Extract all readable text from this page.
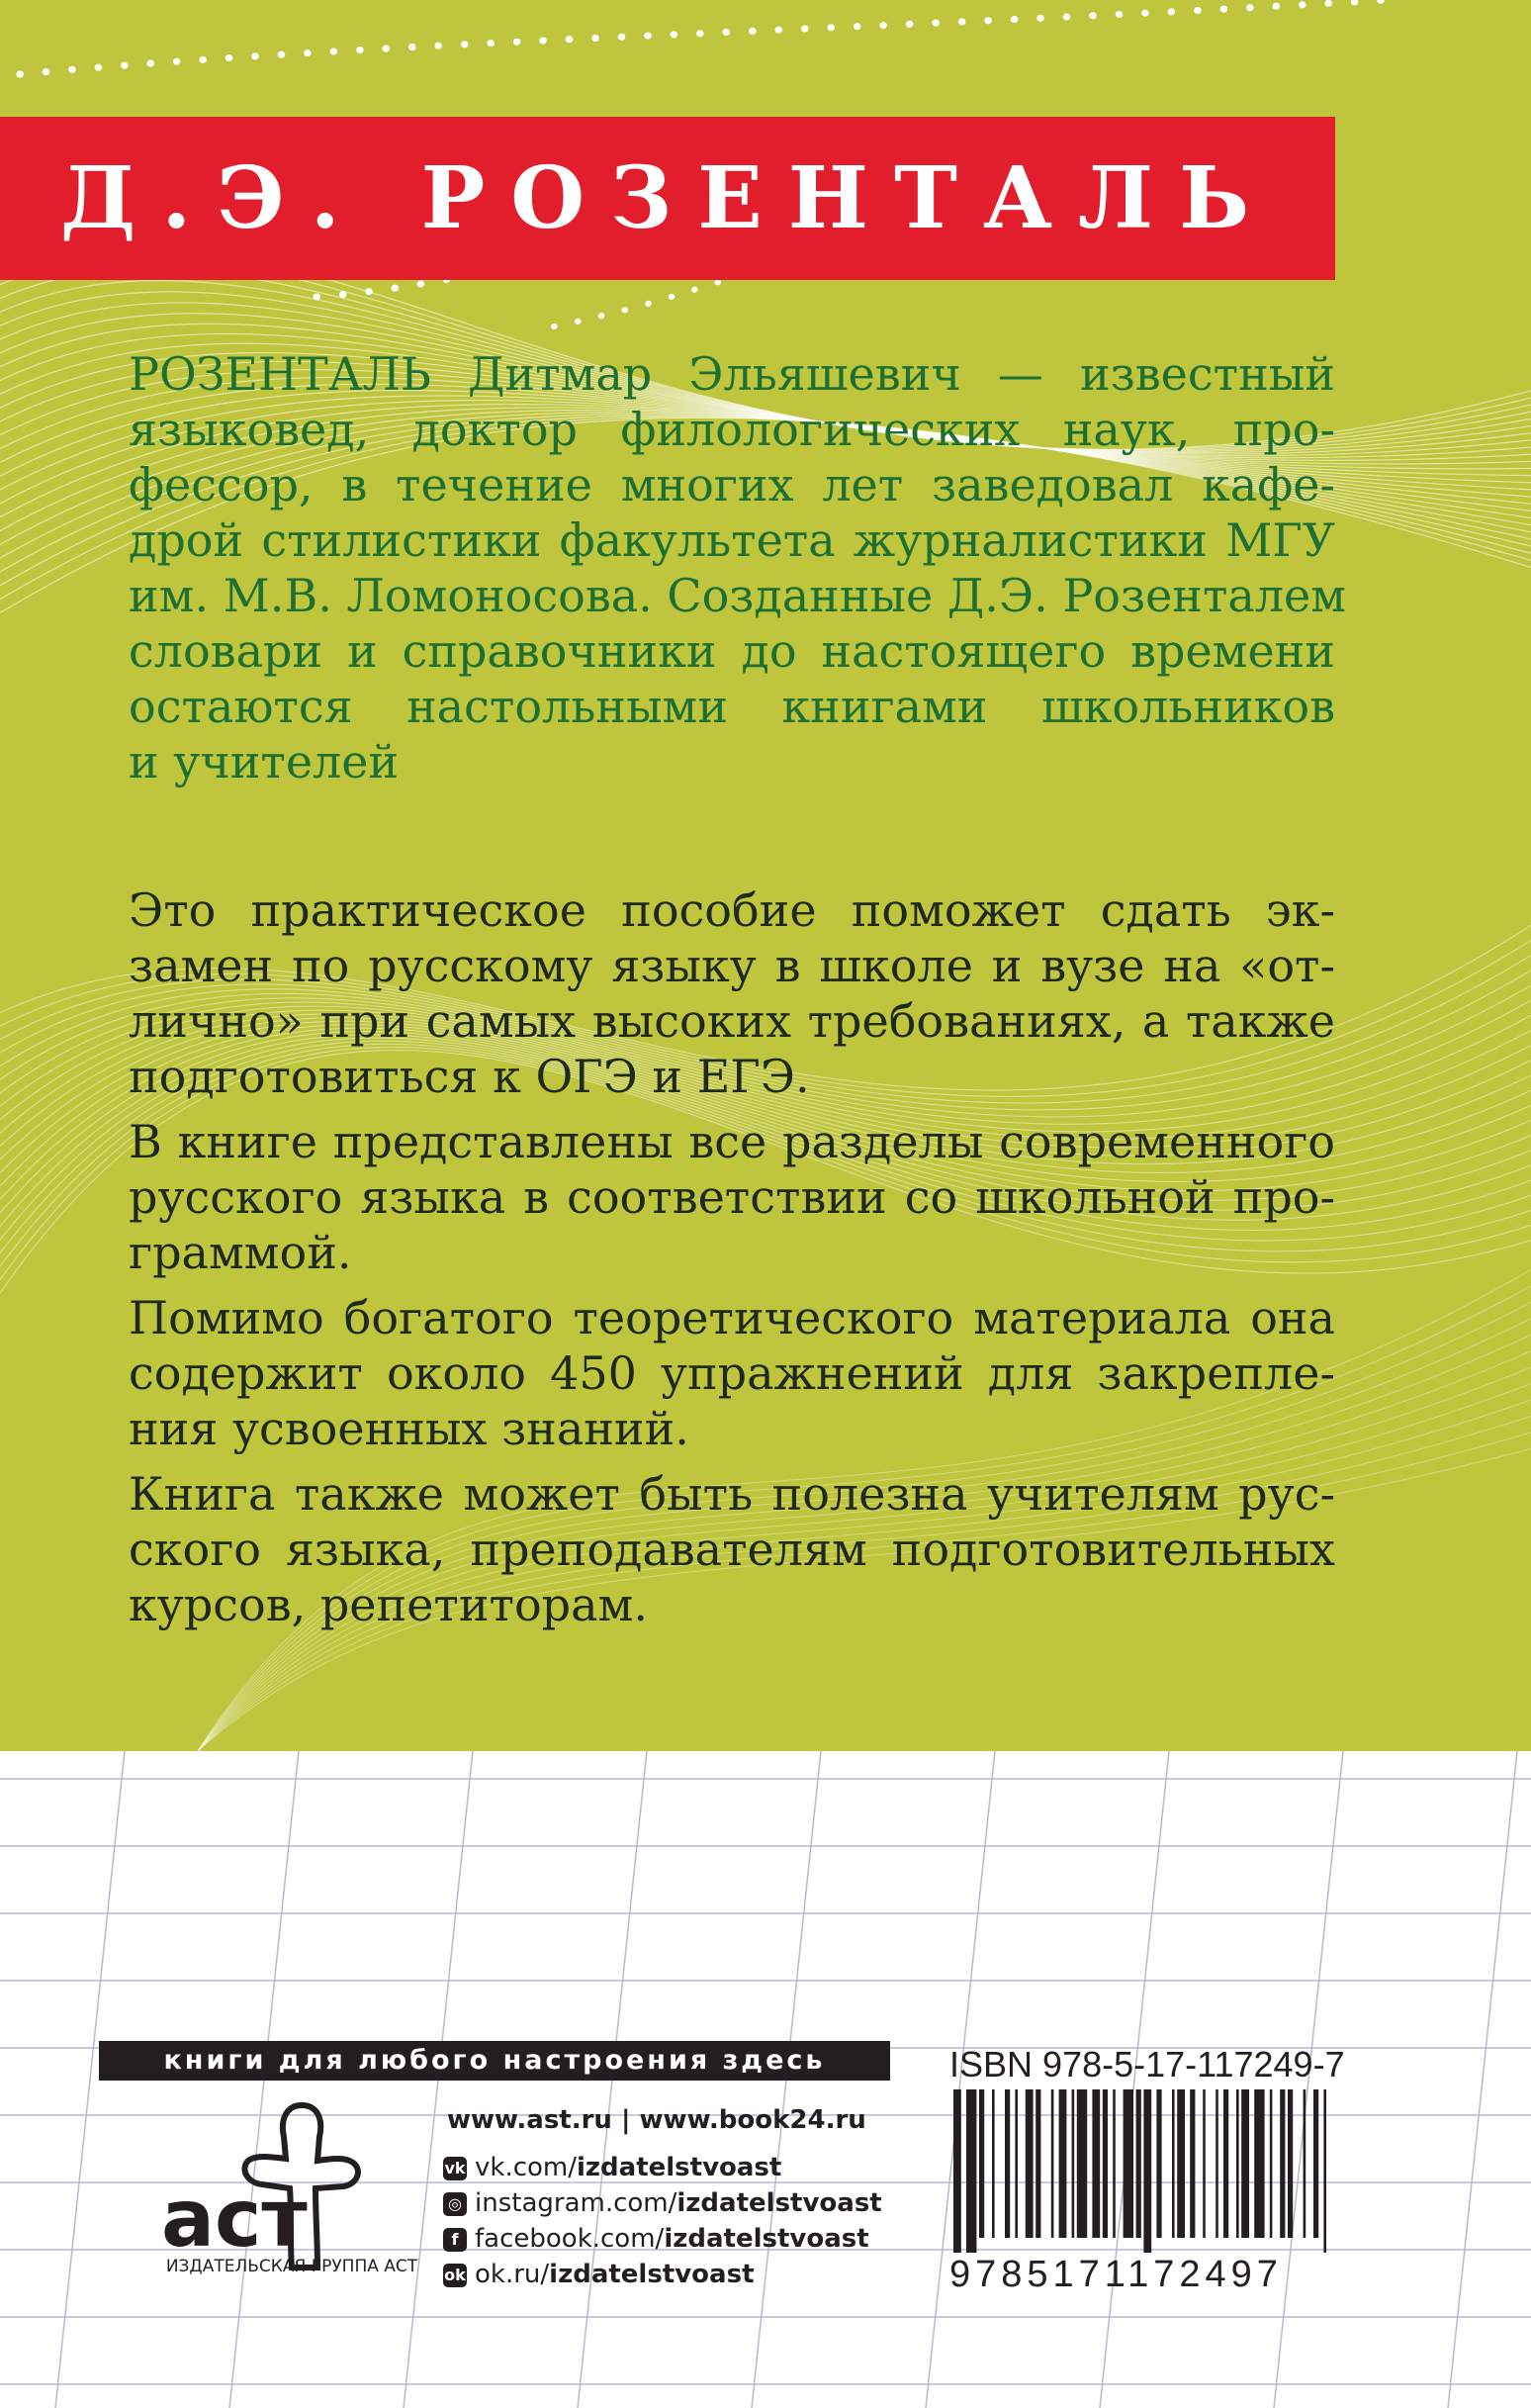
Д.Э. РОЗЕНТАЛЬ
РОЗЕНТАЛЬ Дитмар Эльяшевич — известный
языковед, доктор филологических наук, про-
фессор, в течение многих лет заведовал кафе-
дрой стилистики факультета журналистики МГУ
им. М.В. Ломоносова. Созданные Д.Э. Розенталем
словари и справочники до настоящего времени
остаются настольными книгами школьников
и учителей
Это практическое пособие поможет сдать эк-
замен по русскому языку в школе и вузе на «от-
лично» при самых высоких требованиях, а также
подготовиться к ОГЭ и ЕГЭ.
В книге представлены все разделы современного
русского языка в соответствии со школьной про-
граммой.
Помимо богатого теоретического материала она
содержит около 450 упражнений для закрепле-
ния усвоенных знаний.
Книга также может быть полезна учителям рус-
ского языка, преподавателям подготовительных
курсов, репетиторам.
книги для любого настроения здесь
аст
ИЗДАТЕЛЬСКАЯ ГРУППА АСТ
www.ast.ru | www.book24.ru
vk vk.com/izdatelstvoast
◎ instagram.com/izdatelstvoast
f facebook.com/izdatelstvoast
ok ok.ru/izdatelstvoast
ISBN 978-5-17-117249-7
9785171172497
